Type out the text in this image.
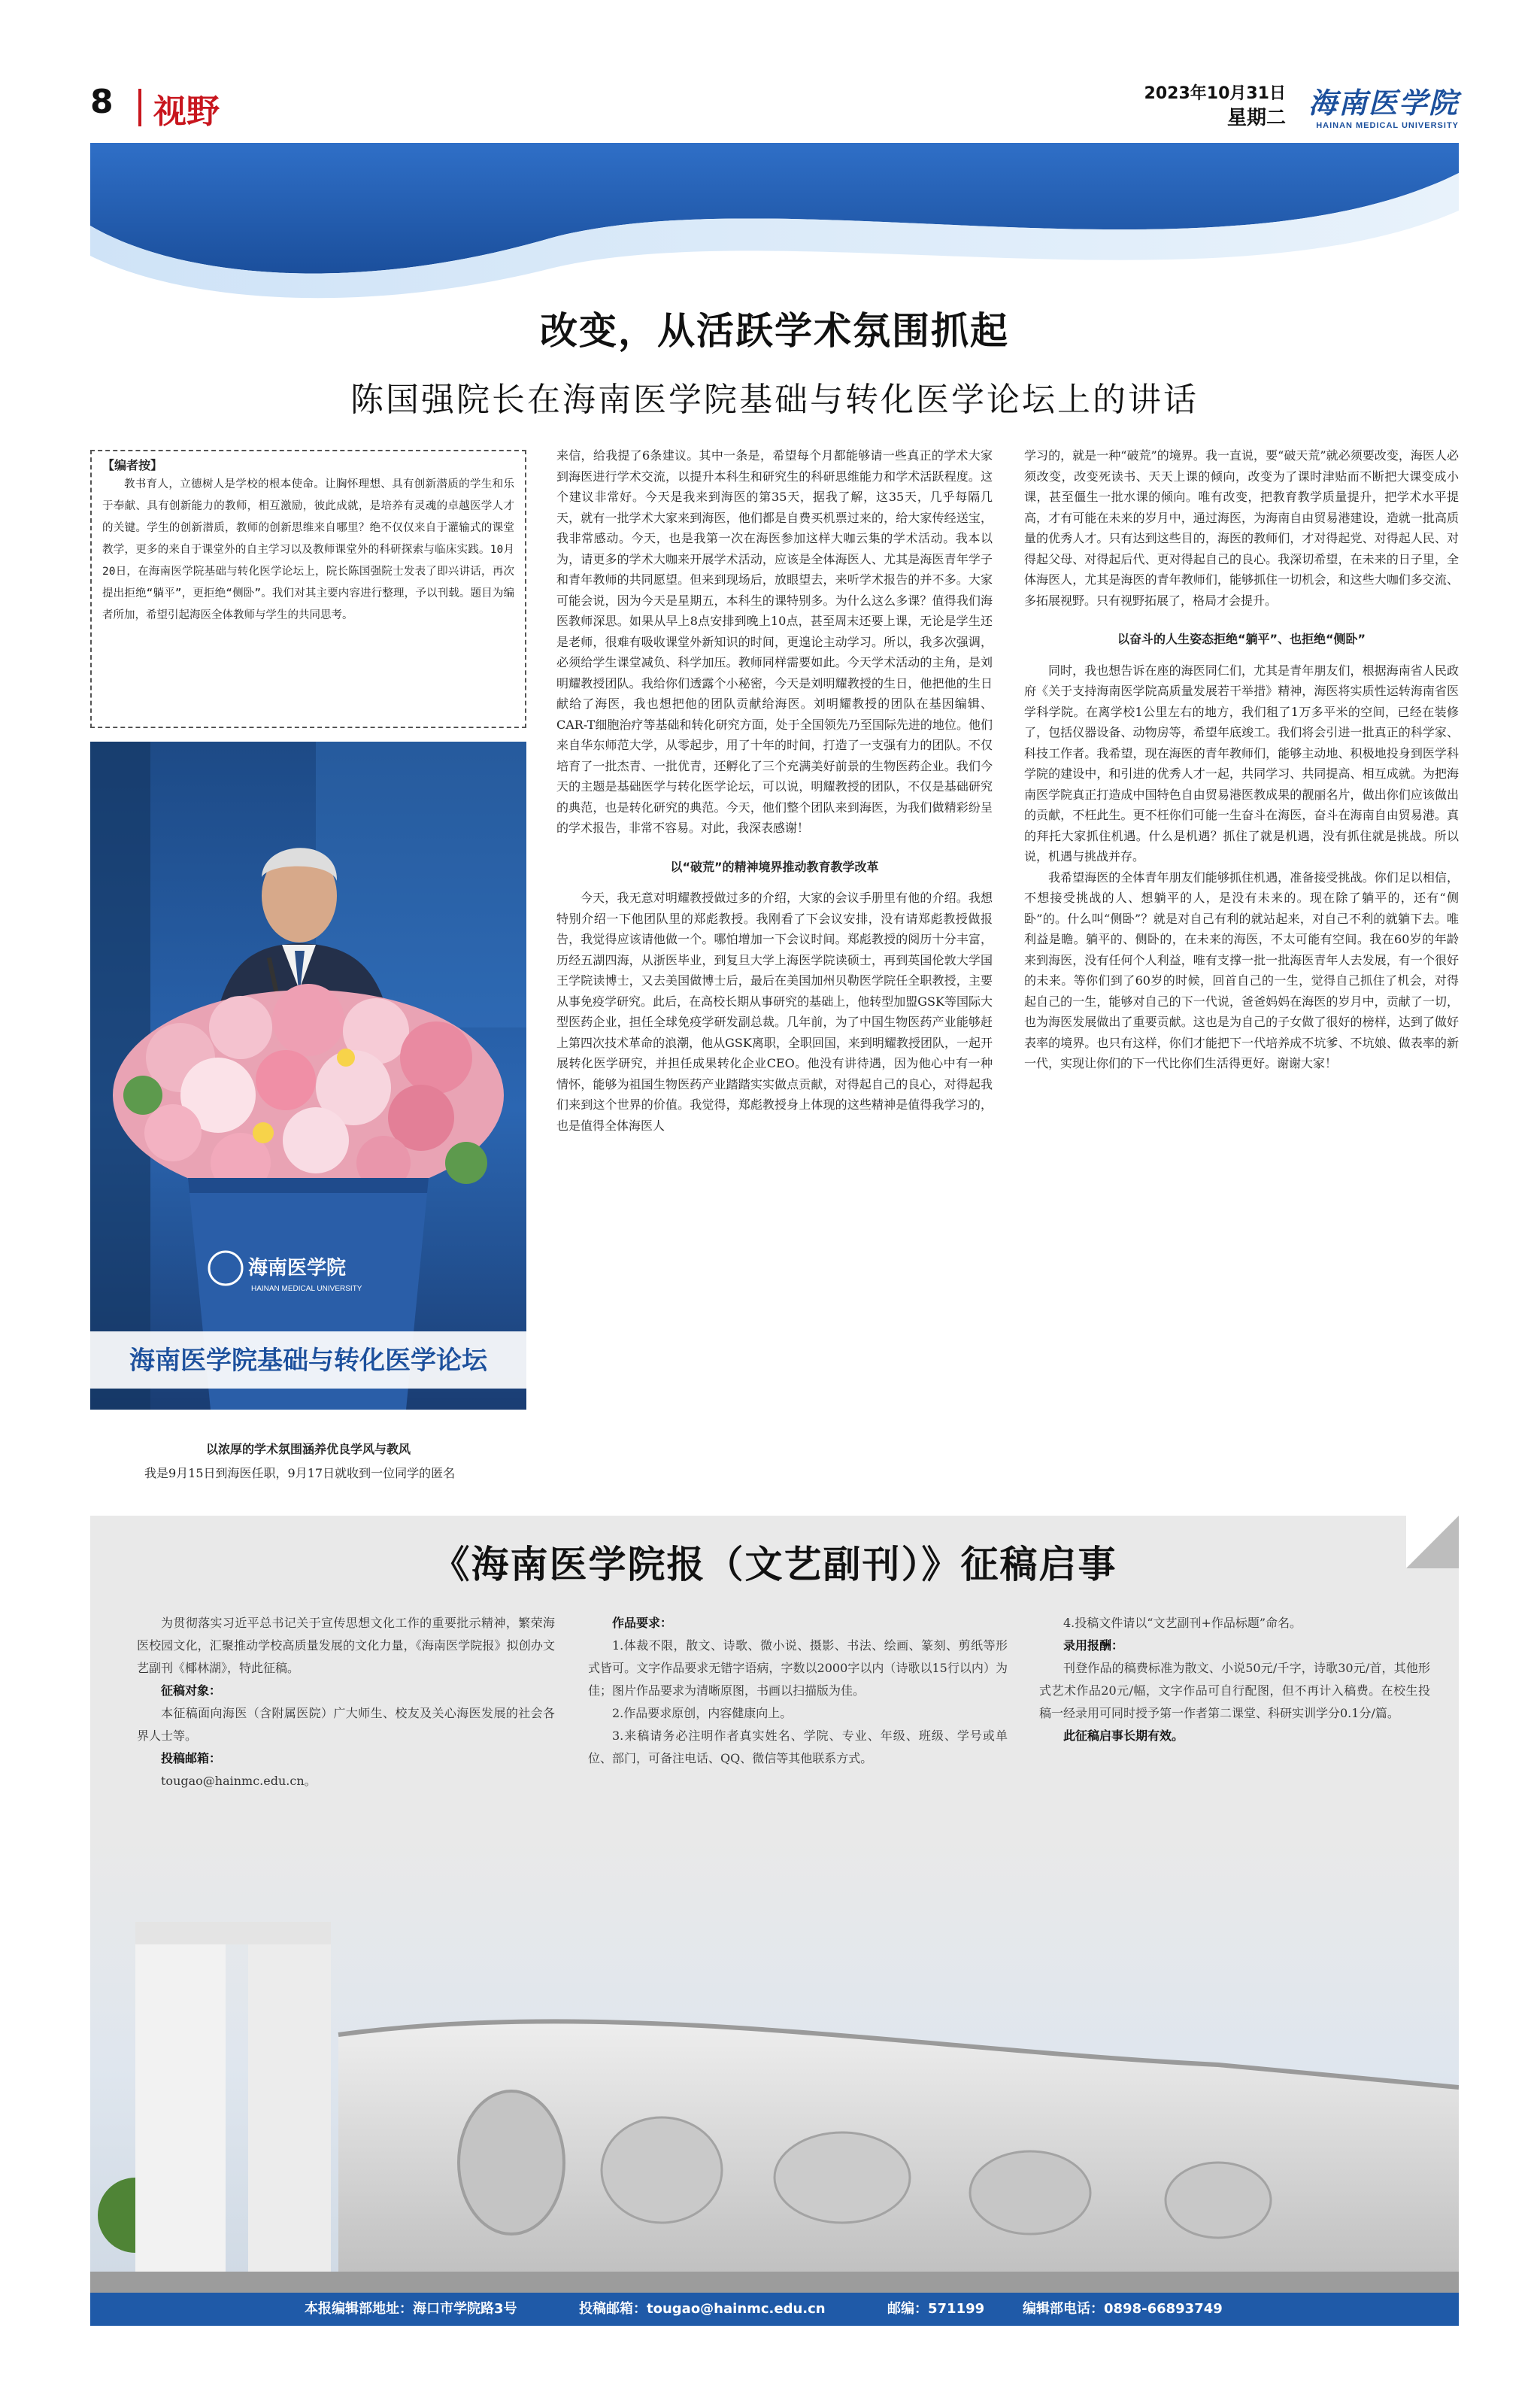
8 视野	2023年10月31日
星期二 海南医学院
HAINAN MEDICAL UNIVERSITY
改变，从活跃学术氛围抓起
陈国强院长在海南医学院基础与转化医学论坛上的讲话
【编者按】

教书育人，立德树人是学校的根本使命。让胸怀理想、具有创新潜质的学生和乐于奉献、具有创新能力的教师，相互激励，彼此成就，是培养有灵魂的卓越医学人才的关键。学生的创新潜质，教师的创新思维来自哪里？绝不仅仅来自于灌输式的课堂教学，更多的来自于课堂外的自主学习以及教师课堂外的科研探索与临床实践。10月20日，在海南医学院基础与转化医学论坛上，院长陈国强院士发表了即兴讲话，再次提出拒绝“躺平”，更拒绝“侧卧”。我们对其主要内容进行整理，予以刊载。题目为编者所加，希望引起海医全体教师与学生的共同思考。

海南医学院
HAINAN MEDICAL UNIVERSITY
海南医学院基础与转化医学论坛
以浓厚的学术氛围涵养优良学风与教风

我是9月15日到海医任职，9月17日就收到一位同学的匿名

来信，给我提了6条建议。其中一条是，希望每个月都能够请一些真正的学术大家到海医进行学术交流，以提升本科生和研究生的科研思维能力和学术活跃程度。这个建议非常好。今天是我来到海医的第35天，据我了解，这35天，几乎每隔几天，就有一批学术大家来到海医，他们都是自费买机票过来的，给大家传经送宝，我非常感动。今天，也是我第一次在海医参加这样大咖云集的学术活动。我本以为，请更多的学术大咖来开展学术活动，应该是全体海医人、尤其是海医青年学子和青年教师的共同愿望。但来到现场后，放眼望去，来听学术报告的并不多。大家可能会说，因为今天是星期五，本科生的课特别多。为什么这么多课？值得我们海医教师深思。如果从早上8点安排到晚上10点，甚至周末还要上课，无论是学生还是老师，很难有吸收课堂外新知识的时间，更遑论主动学习。所以，我多次强调，必须给学生课堂减负、科学加压。教师同样需要如此。今天学术活动的主角，是刘明耀教授团队。我给你们透露个小秘密，今天是刘明耀教授的生日，他把他的生日献给了海医，我也想把他的团队贡献给海医。刘明耀教授的团队在基因编辑、CAR-T细胞治疗等基础和转化研究方面，处于全国领先乃至国际先进的地位。他们来自华东师范大学，从零起步，用了十年的时间，打造了一支强有力的团队。不仅培育了一批杰青、一批优青，还孵化了三个充满美好前景的生物医药企业。我们今天的主题是基础医学与转化医学论坛，可以说，明耀教授的团队，不仅是基础研究的典范，也是转化研究的典范。今天，他们整个团队来到海医，为我们做精彩纷呈的学术报告，非常不容易。对此，我深表感谢！

以“破荒”的精神境界推动教育教学改革

今天，我无意对明耀教授做过多的介绍，大家的会议手册里有他的介绍。我想特别介绍一下他团队里的郑彪教授。我刚看了下会议安排，没有请郑彪教授做报告，我觉得应该请他做一个。哪怕增加一下会议时间。郑彪教授的阅历十分丰富，历经五湖四海，从浙医毕业，到复旦大学上海医学院读硕士，再到英国伦敦大学国王学院读博士，又去美国做博士后，最后在美国加州贝勒医学院任全职教授，主要从事免疫学研究。此后，在高校长期从事研究的基础上，他转型加盟GSK等国际大型医药企业，担任全球免疫学研发副总裁。几年前，为了中国生物医药产业能够赶上第四次技术革命的浪潮，他从GSK离职，全职回国，来到明耀教授团队，一起开展转化医学研究，并担任成果转化企业CEO。他没有讲待遇，因为他心中有一种情怀，能够为祖国生物医药产业踏踏实实做点贡献，对得起自己的良心，对得起我们来到这个世界的价值。我觉得，郑彪教授身上体现的这些精神是值得我学习的，也是值得全体海医人

学习的，就是一种“破荒”的境界。我一直说，要“破天荒”就必须要改变，海医人必须改变，改变死读书、天天上课的倾向，改变为了课时津贴而不断把大课变成小课，甚至僵生一批水课的倾向。唯有改变，把教育教学质量提升，把学术水平提高，才有可能在未来的岁月中，通过海医，为海南自由贸易港建设，造就一批高质量的优秀人才。只有达到这些目的，海医的教师们，才对得起党、对得起人民、对得起父母、对得起后代、更对得起自己的良心。我深切希望，在未来的日子里，全体海医人，尤其是海医的青年教师们，能够抓住一切机会，和这些大咖们多交流、多拓展视野。只有视野拓展了，格局才会提升。

以奋斗的人生姿态拒绝“躺平”、也拒绝“侧卧”

同时，我也想告诉在座的海医同仁们，尤其是青年朋友们，根据海南省人民政府《关于支持海南医学院高质量发展若干举措》精神，海医将实质性运转海南省医学科学院。在离学校1公里左右的地方，我们租了1万多平米的空间，已经在装修了，包括仪器设备、动物房等，希望年底竣工。我们将会引进一批真正的科学家、科技工作者。我希望，现在海医的青年教师们，能够主动地、积极地投身到医学科学院的建设中，和引进的优秀人才一起，共同学习、共同提高、相互成就。为把海南医学院真正打造成中国特色自由贸易港医教成果的靓丽名片，做出你们应该做出的贡献，不枉此生。更不枉你们可能一生奋斗在海医，奋斗在海南自由贸易港。真的拜托大家抓住机遇。什么是机遇？抓住了就是机遇，没有抓住就是挑战。所以说，机遇与挑战并存。

我希望海医的全体青年朋友们能够抓住机遇，准备接受挑战。你们足以相信，不想接受挑战的人、想躺平的人，是没有未来的。现在除了躺平的，还有“侧卧”的。什么叫“侧卧”？就是对自己有利的就站起来，对自己不利的就躺下去。唯利益是瞻。躺平的、侧卧的，在未来的海医，不太可能有空间。我在60岁的年龄来到海医，没有任何个人利益，唯有支撑一批一批海医青年人去发展，有一个很好的未来。等你们到了60岁的时候，回首自己的一生，觉得自己抓住了机会，对得起自己的一生，能够对自己的下一代说，爸爸妈妈在海医的岁月中，贡献了一切，也为海医发展做出了重要贡献。这也是为自己的子女做了很好的榜样，达到了做好表率的境界。也只有这样，你们才能把下一代培养成不坑爹、不坑娘、做表率的新一代，实现让你们的下一代比你们生活得更好。谢谢大家！

《海南医学院报（文艺副刊）》征稿启事

为贯彻落实习近平总书记关于宣传思想文化工作的重要批示精神，繁荣海医校园文化，汇聚推动学校高质量发展的文化力量，《海南医学院报》拟创办文艺副刊《椰林湖》，特此征稿。

征稿对象：

本征稿面向海医（含附属医院）广大师生、校友及关心海医发展的社会各界人士等。

投稿邮箱：

tougao@hainmc.edu.cn。

作品要求：

1.体裁不限，散文、诗歌、微小说、摄影、书法、绘画、篆刻、剪纸等形式皆可。文字作品要求无错字语病，字数以2000字以内（诗歌以15行以内）为佳；图片作品要求为清晰原图，书画以扫描版为佳。

2.作品要求原创，内容健康向上。

3.来稿请务必注明作者真实姓名、学院、专业、年级、班级、学号或单位、部门，可备注电话、QQ、微信等其他联系方式。

4.投稿文件请以“文艺副刊+作品标题”命名。

录用报酬：

刊登作品的稿费标准为散文、小说50元/千字，诗歌30元/首，其他形式艺术作品20元/幅，文字作品可自行配图，但不再计入稿费。在校生投稿一经录用可同时授予第一作者第二课堂、科研实训学分0.1分/篇。

此征稿启事长期有效。

本报编辑部地址：海口市学院路3号	投稿邮箱：tougao@hainmc.edu.cn	邮编：571199	编辑部电话：0898-66893749
